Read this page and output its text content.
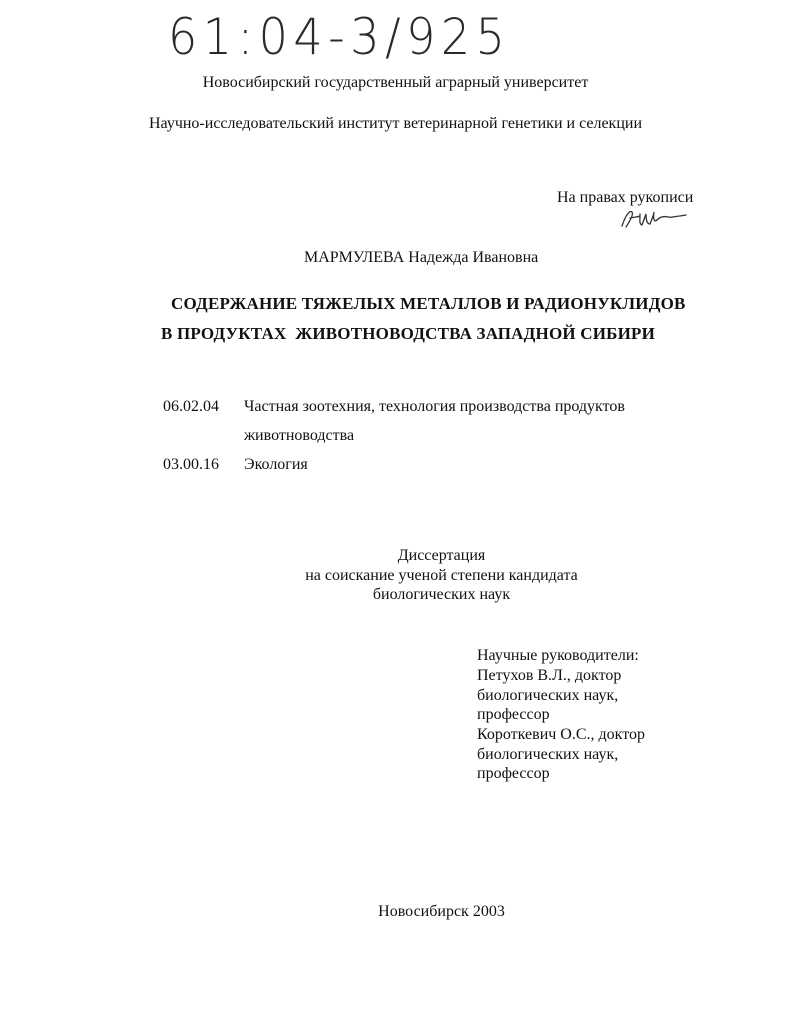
61:04-3/925
Новосибирский государственный аграрный университет
Научно-исследовательский институт ветеринарной генетики и селекции
На правах рукописи
МАРМУЛЕВА Надежда Ивановна
СОДЕРЖАНИЕ ТЯЖЕЛЫХ МЕТАЛЛОВ И РАДИОНУКЛИДОВ
В ПРОДУКТАХ  ЖИВОТНОВОДСТВА ЗАПАДНОЙ СИБИРИ
06.02.04 Частная зоотехния, технология производства продуктов
животноводства
03.00.16 Экология
Диссертация
на соискание ученой степени кандидата
биологических наук
Научные руководители:
Петухов В.Л., доктор
биологических наук,
профессор
Короткевич О.С., доктор
биологических наук,
профессор
Новосибирск 2003
